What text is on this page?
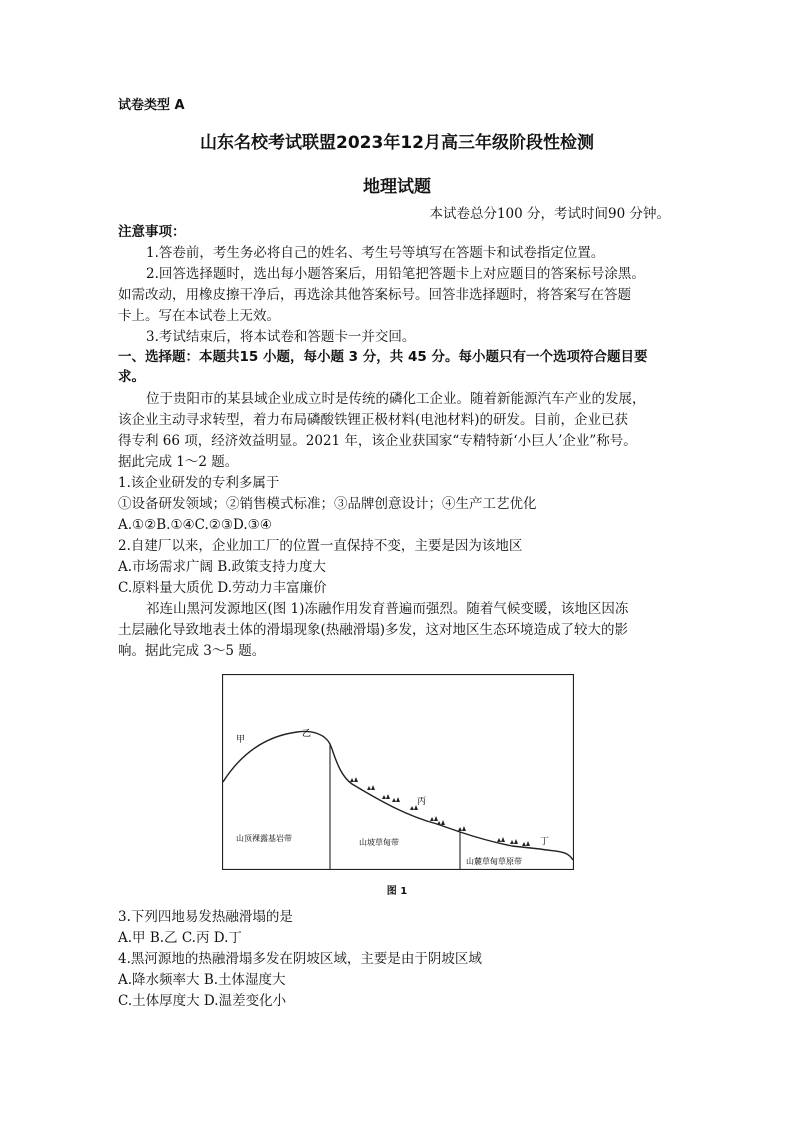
试卷类型 A
山东名校考试联盟2023年12月高三年级阶段性检测
地理试题
本试卷总分100 分，考试时间90 分钟。
注意事项：
1.答卷前，考生务必将自己的姓名、考生号等填写在答题卡和试卷指定位置。
2.回答选择题时，选出每小题答案后，用铅笔把答题卡上对应题目的答案标号涂黑。
如需改动，用橡皮擦干净后，再选涂其他答案标号。回答非选择题时，将答案写在答题
卡上。写在本试卷上无效。
3.考试结束后，将本试卷和答题卡一并交回。
一、选择题：本题共15 小题，每小题 3 分，共 45 分。每小题只有一个选项符合题目要
求。
位于贵阳市的某县域企业成立时是传统的磷化工企业。随着新能源汽车产业的发展，
该企业主动寻求转型，着力布局磷酸铁锂正极材料(电池材料)的研发。目前，企业已获
得专利 66 项，经济效益明显。2021 年，该企业获国家“专精特新‘小巨人’企业”称号。
据此完成 1～2 题。
1.该企业研发的专利多属于
①设备研发领域；②销售模式标准；③品牌创意设计；④生产工艺优化
A.①②B.①④C.②③D.③④
2.自建厂以来，企业加工厂的位置一直保持不变，主要是因为该地区
A.市场需求广阔 B.政策支持力度大
C.原料量大质优 D.劳动力丰富廉价
祁连山黑河发源地区(图 1)冻融作用发育普遍而强烈。随着气候变暖，该地区因冻
土层融化导致地表土体的滑塌现象(热融滑塌)多发，这对地区生态环境造成了较大的影
响。据此完成 3～5 题。
甲
乙
丙
丁
山顶裸露基岩带	山坡草甸带
山麓草甸草原带
图 1
3.下列四地易发热融滑塌的是
A.甲 B.乙 C.丙 D.丁
4.黑河源地的热融滑塌多发在阴坡区域，主要是由于阴坡区域
A.降水频率大 B.土体湿度大
C.土体厚度大 D.温差变化小
